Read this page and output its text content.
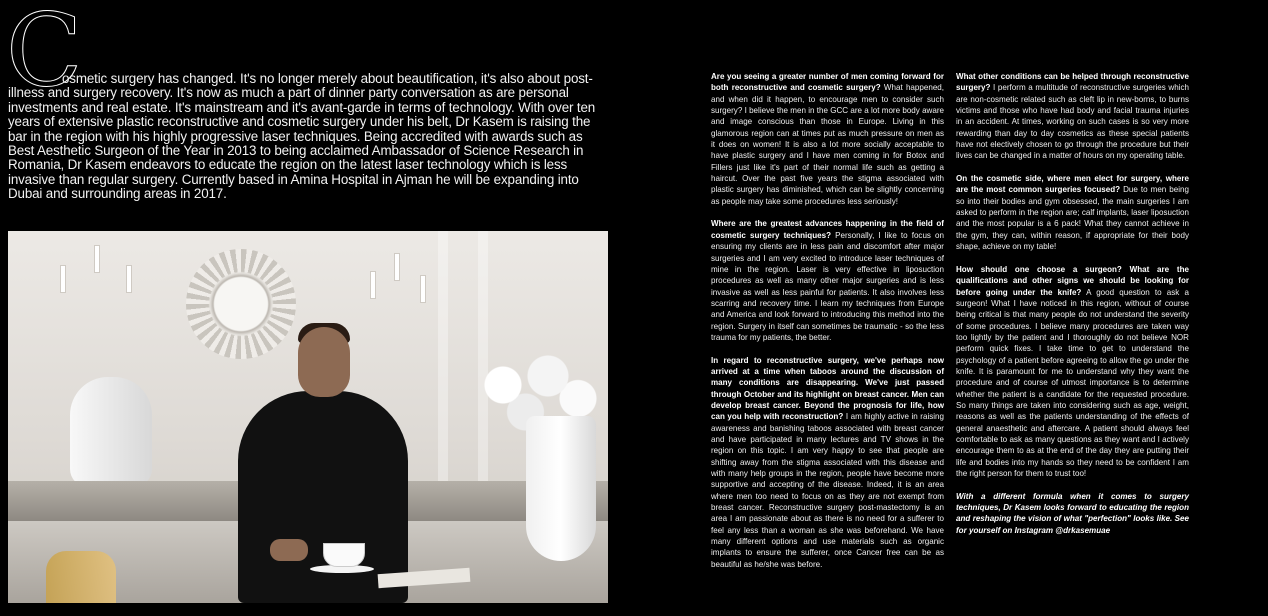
C
osmetic surgery has changed. It's no longer merely about beautification, it's also about post-illness and surgery recovery. It's now as much a part of dinner party conversation as are personal investments and real estate. It's mainstream and it's avant-garde in terms of technology. With over ten years of extensive plastic reconstructive and cosmetic surgery under his belt, Dr Kasem is raising the bar in the region with his highly progressive laser techniques. Being accredited with awards such as Best Aesthetic Surgeon of the Year in 2013 to being acclaimed Ambassador of Science Research in Romania, Dr Kasem endeavors to educate the region on the latest laser technology which is less invasive than regular surgery. Currently based in Amina Hospital in Ajman he will be expanding into Dubai and surrounding areas in 2017.

Are you seeing a greater number of men coming forward for both reconstructive and cosmetic surgery? What happened, and when did it happen, to encourage men to consider such surgery? I believe the men in the GCC are a lot more body aware and image conscious than those in Europe. Living in this glamorous region can at times put as much pressure on men as it does on women! It is also a lot more socially acceptable to have plastic surgery and I have men coming in for Botox and Fillers just like it's part of their normal life such as getting a haircut. Over the past five years the stigma associated with plastic surgery has diminished, which can be slightly concerning as people may take some procedures less seriously!

Where are the greatest advances happening in the field of cosmetic surgery techniques? Personally, I like to focus on ensuring my clients are in less pain and discomfort after major surgeries and I am very excited to introduce laser techniques of mine in the region. Laser is very effective in liposuction procedures as well as many other major surgeries and is less invasive as well as less painful for patients. It also involves less scarring and recovery time. I learn my techniques from Europe and America and look forward to introducing this method into the region. Surgery in itself can sometimes be traumatic - so the less trauma for my patients, the better.

In regard to reconstructive surgery, we've perhaps now arrived at a time when taboos around the discussion of many conditions are disappearing. We've just passed through October and its highlight on breast cancer. Men can develop breast cancer. Beyond the prognosis for life, how can you help with reconstruction? I am highly active in raising awareness and banishing taboos associated with breast cancer and have participated in many lectures and TV shows in the region on this topic. I am very happy to see that people are shifting away from the stigma associated with this disease and with many help groups in the region, people have become more supportive and accepting of the disease. Indeed, it is an area where men too need to focus on as they are not exempt from breast cancer. Reconstructive surgery post-mastectomy is an area I am passionate about as there is no need for a sufferer to feel any less than a woman as she was beforehand. We have many different options and use materials such as organic implants to ensure the sufferer, once Cancer free can be as beautiful as he/she was before.

What other conditions can be helped through reconstructive surgery? I perform a multitude of reconstructive surgeries which are non-cosmetic related such as cleft lip in new-borns, to burns victims and those who have had body and facial trauma injuries in an accident. At times, working on such cases is so very more rewarding than day to day cosmetics as these special patients have not electively chosen to go through the procedure but their lives can be changed in a matter of hours on my operating table.

On the cosmetic side, where men elect for surgery, where are the most common surgeries focused? Due to men being so into their bodies and gym obsessed, the main surgeries I am asked to perform in the region are; calf implants, laser liposuction and the most popular is a 6 pack! What they cannot achieve in the gym, they can, within reason, if appropriate for their body shape, achieve on my table!

How should one choose a surgeon? What are the qualifications and other signs we should be looking for before going under the knife? A good question to ask a surgeon! What I have noticed in this region, without of course being critical is that many people do not understand the severity of some procedures. I believe many procedures are taken way too lightly by the patient and I thoroughly do not believe NOR perform quick fixes. I take time to get to understand the psychology of a patient before agreeing to allow the go under the knife. It is paramount for me to understand why they want the procedure and of course of utmost importance is to determine whether the patient is a candidate for the requested procedure. So many things are taken into considering such as age, weight, reasons as well as the patients understanding of the effects of general anaesthetic and aftercare. A patient should always feel comfortable to ask as many questions as they want and I actively encourage them to as at the end of the day they are putting their life and bodies into my hands so they need to be confident I am the right person for them to trust too!

With a different formula when it comes to surgery techniques, Dr Kasem looks forward to educating the region and reshaping the vision of what "perfection" looks like. See for yourself on Instagram @drkasemuae
